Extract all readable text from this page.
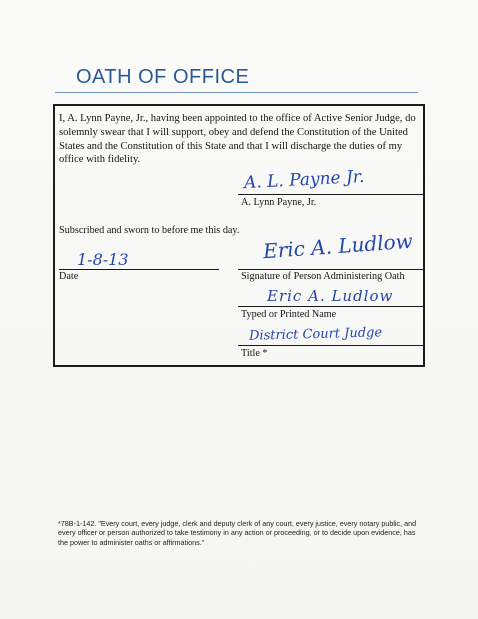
OATH OF OFFICE
I, A. Lynn Payne, Jr., having been appointed to the office of Active Senior Judge, do solemnly swear that I will support, obey and defend the Constitution of the United States and the Constitution of this State and that I will discharge the duties of my office with fidelity.
A. L. Payne Jr.
A. Lynn Payne, Jr.
Subscribed and sworn to before me this day.
1-8-13
Date
Eric A. Ludlow
Signature of Person Administering Oath
Eric A. Ludlow
Typed or Printed Name
District Court Judge
Title *
*78B-1-142. "Every court, every judge, clerk and deputy clerk of any court, every justice, every notary public, and every officer or person authorized to take testimony in any action or proceeding, or to decide upon evidence, has the power to administer oaths or affirmations."
